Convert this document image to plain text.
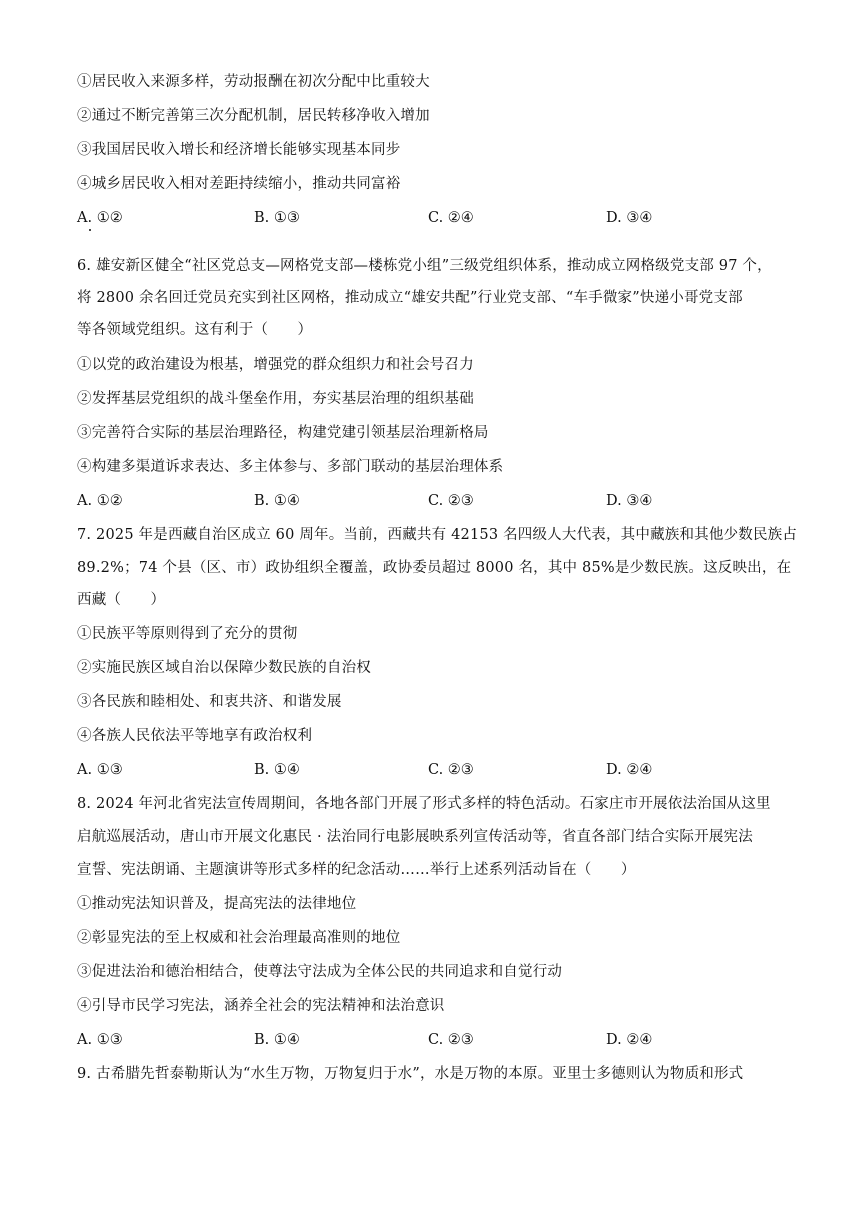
①居民收入来源多样，劳动报酬在初次分配中比重较大
②通过不断完善第三次分配机制，居民转移净收入增加
③我国居民收入增长和经济增长能够实现基本同步
④城乡居民收入相对差距持续缩小，推动共同富裕
A. ①②	B. ①③	C. ②④	D. ③④
6. 雄安新区健全“社区党总支—网格党支部—楼栋党小组”三级党组织体系，推动成立网格级党支部 97 个，
将 2800 余名回迁党员充实到社区网格，推动成立“雄安共配”行业党支部、“车手微家”快递小哥党支部
等各领域党组织。这有利于（　　）
①以党的政治建设为根基，增强党的群众组织力和社会号召力
②发挥基层党组织的战斗堡垒作用，夯实基层治理的组织基础
③完善符合实际的基层治理路径，构建党建引领基层治理新格局
④构建多渠道诉求表达、多主体参与、多部门联动的基层治理体系
A. ①②	B. ①④	C. ②③	D. ③④
7. 2025 年是西藏自治区成立 60 周年。当前，西藏共有 42153 名四级人大代表，其中藏族和其他少数民族占
89.2%；74 个县（区、市）政协组织全覆盖，政协委员超过 8000 名，其中 85%是少数民族。这反映出，在
西藏（　　）
①民族平等原则得到了充分的贯彻
②实施民族区域自治以保障少数民族的自治权
③各民族和睦相处、和衷共济、和谐发展
④各族人民依法平等地享有政治权利
A. ①③	B. ①④	C. ②③	D. ②④
8. 2024 年河北省宪法宣传周期间，各地各部门开展了形式多样的特色活动。石家庄市开展依法治国从这里
启航巡展活动，唐山市开展文化惠民 · 法治同行电影展映系列宣传活动等，省直各部门结合实际开展宪法
宣誓、宪法朗诵、主题演讲等形式多样的纪念活动……举行上述系列活动旨在（　　）
①推动宪法知识普及，提高宪法的法律地位
②彰显宪法的至上权威和社会治理最高准则的地位
③促进法治和德治相结合，使尊法守法成为全体公民的共同追求和自觉行动
④引导市民学习宪法，涵养全社会的宪法精神和法治意识
A. ①③	B. ①④	C. ②③	D. ②④
9. 古希腊先哲泰勒斯认为“水生万物，万物复归于水”，水是万物的本原。亚里士多德则认为物质和形式
